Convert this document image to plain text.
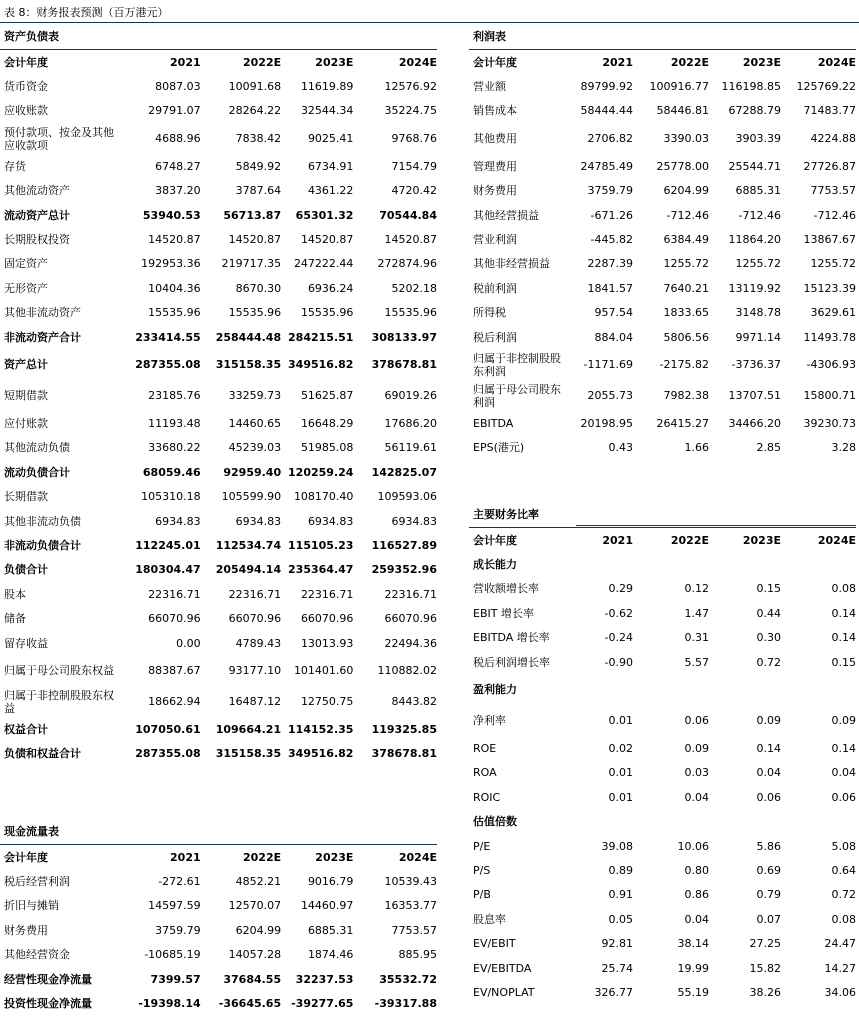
表 8：财务报表预测（百万港元）
资产负债表
会计年度	2021	2022E	2023E	2024E
货币资金	8087.03	10091.68	11619.89	12576.92
应收账款	29791.07	28264.22	32544.34	35224.75
预付款项、按金及其他应收款项	4688.96	7838.42	9025.41	9768.76
存货	6748.27	5849.92	6734.91	7154.79
其他流动资产	3837.20	3787.64	4361.22	4720.42
流动资产总计	53940.53	56713.87	65301.32	70544.84
长期股权投资	14520.87	14520.87	14520.87	14520.87
固定资产	192953.36	219717.35	247222.44	272874.96
无形资产	10404.36	8670.30	6936.24	5202.18
其他非流动资产	15535.96	15535.96	15535.96	15535.96
非流动资产合计	233414.55	258444.48	284215.51	308133.97
资产总计	287355.08	315158.35	349516.82	378678.81
短期借款	23185.76	33259.73	51625.87	69019.26
应付账款	11193.48	14460.65	16648.29	17686.20
其他流动负债	33680.22	45239.03	51985.08	56119.61
流动负债合计	68059.46	92959.40	120259.24	142825.07
长期借款	105310.18	105599.90	108170.40	109593.06
其他非流动负债	6934.83	6934.83	6934.83	6934.83
非流动负债合计	112245.01	112534.74	115105.23	116527.89
负债合计	180304.47	205494.14	235364.47	259352.96
股本	22316.71	22316.71	22316.71	22316.71
储备	66070.96	66070.96	66070.96	66070.96
留存收益	0.00	4789.43	13013.93	22494.36
归属于母公司股东权益	88387.67	93177.10	101401.60	110882.02
归属于非控制股股东权益	18662.94	16487.12	12750.75	8443.82
权益合计	107050.61	109664.21	114152.35	119325.85
负债和权益合计	287355.08	315158.35	349516.82	378678.81
利润表
会计年度	2021	2022E	2023E	2024E
营业额	89799.92	100916.77	116198.85	125769.22
销售成本	58444.44	58446.81	67288.79	71483.77
其他费用	2706.82	3390.03	3903.39	4224.88
管理费用	24785.49	25778.00	25544.71	27726.87
财务费用	3759.79	6204.99	6885.31	7753.57
其他经营损益	-671.26	-712.46	-712.46	-712.46
营业利润	-445.82	6384.49	11864.20	13867.67
其他非经营损益	2287.39	1255.72	1255.72	1255.72
税前利润	1841.57	7640.21	13119.92	15123.39
所得税	957.54	1833.65	3148.78	3629.61
税后利润	884.04	5806.56	9971.14	11493.78
归属于非控制股股东利润	-1171.69	-2175.82	-3736.37	-4306.93
归属于母公司股东利润	2055.73	7982.38	13707.51	15800.71
EBITDA	20198.95	26415.27	34466.20	39230.73
EPS(港元)	0.43	1.66	2.85	3.28
主要财务比率
会计年度	2021	2022E	2023E	2024E
成长能力				
营收额增长率	0.29	0.12	0.15	0.08
EBIT 增长率	-0.62	1.47	0.44	0.14
EBITDA 增长率	-0.24	0.31	0.30	0.14
税后利润增长率	-0.90	5.57	0.72	0.15
盈利能力				
净利率	0.01	0.06	0.09	0.09
ROE	0.02	0.09	0.14	0.14
ROA	0.01	0.03	0.04	0.04
ROIC	0.01	0.04	0.06	0.06
估值倍数				
P/E	39.08	10.06	5.86	5.08
P/S	0.89	0.80	0.69	0.64
P/B	0.91	0.86	0.79	0.72
股息率	0.05	0.04	0.07	0.08
EV/EBIT	92.81	38.14	27.25	24.47
EV/EBITDA	25.74	19.99	15.82	14.27
EV/NOPLAT	326.77	55.19	38.26	34.06
现金流量表
会计年度	2021	2022E	2023E	2024E
税后经营利润	-272.61	4852.21	9016.79	10539.43
折旧与摊销	14597.59	12570.07	14460.97	16353.77
财务费用	3759.79	6204.99	6885.31	7753.57
其他经营资金	-10685.19	14057.28	1874.46	885.95
经营性现金净流量	7399.57	37684.55	32237.53	35532.72
投资性现金净流量	-19398.14	-36645.65	-39277.65	-39317.88
